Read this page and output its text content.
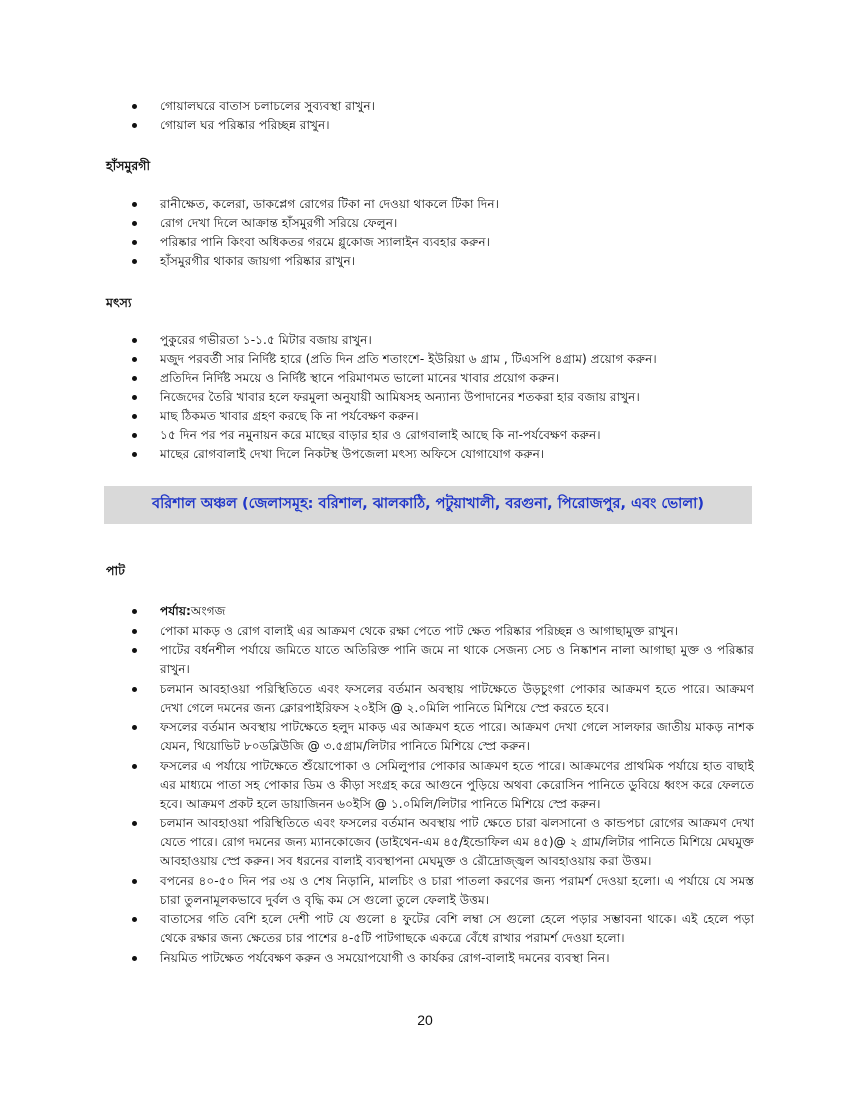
গোয়ালঘরে বাতাস চলাচলের সুব্যবস্থা রাখুন।
গোয়াল ঘর পরিষ্কার পরিচ্ছন্ন রাখুন।
হাঁসমুরগী
রানীক্ষেত, কলেরা, ডাকপ্লেগ রোগের টিকা না দেওয়া থাকলে টিকা দিন।
রোগ দেখা দিলে আক্রান্ত হাঁসমুরগী সরিয়ে ফেলুন।
পরিষ্কার পানি কিংবা অধিকতর গরমে গ্লুকোজ স্যালাইন ব্যবহার করুন।
হাঁসমুরগীর থাকার জায়গা পরিষ্কার রাখুন।
মৎস্য
পুকুরের গভীরতা ১-১.৫ মিটার বজায় রাখুন।
মজুদ পরবর্তী সার নির্দিষ্ট হারে (প্রতি দিন প্রতি শতাংশে- ইউরিয়া ৬ গ্রাম , টিএসপি ৪গ্রাম) প্রয়োগ করুন।
প্রতিদিন নির্দিষ্ট সময়ে ও নির্দিষ্ট স্থানে পরিমাণমত ভালো মানের খাবার প্রয়োগ করুন।
নিজেদের তৈরি খাবার হলে ফরমুলা অনুযায়ী আমিষসহ অন্যান্য উপাদানের শতকরা হার বজায় রাখুন।
মাছ ঠিকমত খাবার গ্রহণ করছে কি না পর্যবেক্ষণ করুন।
১৫ দিন পর পর নমুনায়ন করে মাছের বাড়ার হার ও রোগবালাই আছে কি না-পর্যবেক্ষণ করুন।
মাছের রোগবালাই দেখা দিলে নিকটস্থ উপজেলা মৎস্য অফিসে যোগাযোগ করুন।
বরিশাল অঞ্চল (জেলাসমূহ: বরিশাল, ঝালকাঠি, পটুয়াখালী, বরগুনা, পিরোজপুর, এবং ভোলা)
পাট
পর্যায়:অংগজ
পোকা মাকড় ও রোগ বালাই এর আক্রমণ থেকে রক্ষা পেতে পাট ক্ষেত পরিষ্কার পরিচ্ছন্ন ও আগাছামুক্ত রাখুন।
পাটের বর্ধনশীল পর্যায়ে জমিতে যাতে অতিরিক্ত পানি জমে না থাকে সেজন্য সেচ ও নিষ্কাশন নালা আগাছা মুক্ত ও পরিষ্কার রাখুন।
চলমান আবহাওয়া পরিস্থিতিতে এবং ফসলের বর্তমান অবস্থায় পাটক্ষেতে উড়চুংগা পোকার আক্রমণ হতে পারে। আক্রমণ দেখা গেলে দমনের জন্য ক্লোরপাইরিফস ২০ইসি @ ২.০মিলি পানিতে মিশিয়ে স্প্রে করতে হবে।
ফসলের বর্তমান অবস্থায় পাটক্ষেতে হলুদ মাকড় এর আক্রমণ হতে পারে। আক্রমণ দেখা গেলে সালফার জাতীয় মাকড় নাশক যেমন, থিয়োভিট ৮০ডব্লিউজি @ ৩.৫গ্রাম/লিটার পানিতে মিশিয়ে স্প্রে করুন।
ফসলের এ পর্যায়ে পাটক্ষেতে শুঁয়োপোকা ও সেমিলুপার পোকার আক্রমণ হতে পারে। আক্রমণের প্রাথমিক পর্যায়ে হাত বাছাই এর মাধ্যমে পাতা সহ পোকার ডিম ও কীড়া সংগ্রহ করে আগুনে পুড়িয়ে অথবা কেরোসিন পানিতে ডুবিয়ে ধ্বংস করে ফেলতে হবে। আক্রমণ প্রকট হলে ডায়াজিনন ৬০ইসি @ ১.০মিলি/লিটার পানিতে মিশিয়ে স্প্রে করুন।
চলমান আবহাওয়া পরিস্থিতিতে এবং ফসলের বর্তমান অবস্থায় পাট ক্ষেতে চারা ঝলসানো ও কান্ডপচা রোগের আক্রমণ দেখা যেতে পারে। রোগ দমনের জন্য ম্যানকোজেব (ডাইথেন-এম ৪৫/ইন্ডোফিল এম ৪৫)@ ২ গ্রাম/লিটার পানিতে মিশিয়ে মেঘমুক্ত আবহাওয়ায় স্প্রে করুন। সব ধরনের বালাই ব্যবস্থাপনা মেঘমুক্ত ও রৌদ্রোজ্জ্বল আবহাওয়ায় করা উত্তম।
বপনের ৪০-৫০ দিন পর ৩য় ও শেষ নিড়ানি, মালচিং ও চারা পাতলা করণের জন্য পরামর্শ দেওয়া হলো। এ পর্যায়ে যে সমস্ত চারা তুলনামূলকভাবে দুর্বল ও বৃদ্ধি কম সে গুলো তুলে ফেলাই উত্তম।
বাতাসের গতি বেশি হলে দেশী পাট যে গুলো ৪ ফুটের বেশি লম্বা সে গুলো হেলে পড়ার সম্ভাবনা থাকে। এই হেলে পড়া থেকে রক্ষার জন্য ক্ষেতের চার পাশের ৪-৫টি পাটগাছকে একত্রে বেঁধে রাখার পরামর্শ দেওয়া হলো।
নিয়মিত পাটক্ষেত পর্যবেক্ষণ করুন ও সময়োপযোগী ও কার্যকর রোগ-বালাই দমনের ব্যবস্থা নিন।
20
